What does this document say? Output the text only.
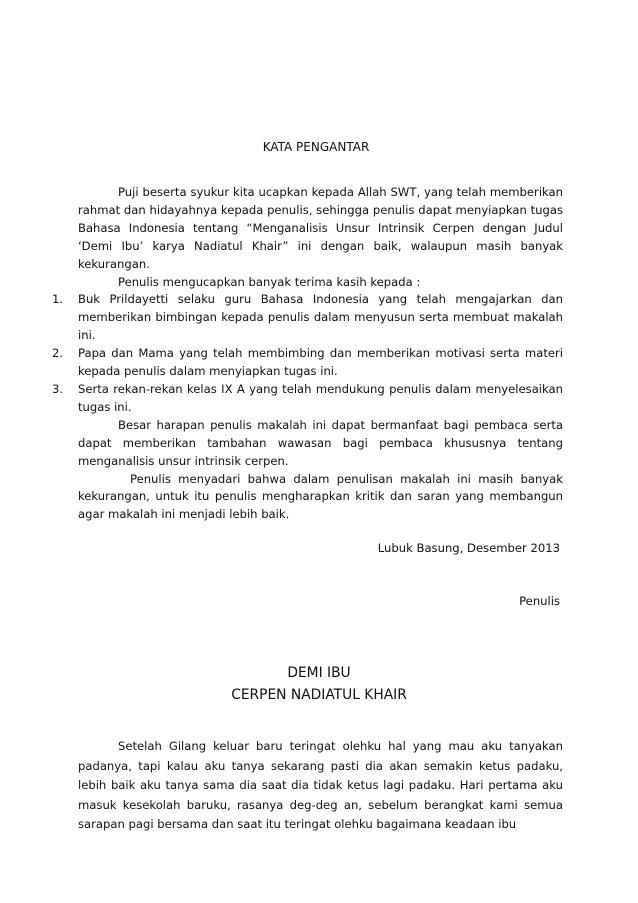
KATA PENGANTAR

Puji beserta syukur kita ucapkan kepada Allah SWT, yang telah memberikan rahmat dan hidayahnya kepada penulis, sehingga penulis dapat menyiapkan tugas Bahasa Indonesia tentang “Menganalisis Unsur Intrinsik Cerpen dengan Judul ‘Demi Ibu’ karya Nadiatul Khair” ini dengan baik, walaupun masih banyak kekurangan.

Penulis mengucapkan banyak terima kasih kepada :

1. Buk Prildayetti selaku guru Bahasa Indonesia yang telah mengajarkan dan memberikan bimbingan kepada penulis dalam menyusun serta membuat makalah ini.
2. Papa dan Mama yang telah membimbing dan memberikan motivasi serta materi kepada penulis dalam menyiapkan tugas ini.
3. Serta rekan-rekan kelas IX A yang telah mendukung penulis dalam menyelesaikan tugas ini.

Besar harapan penulis makalah ini dapat bermanfaat bagi pembaca serta dapat memberikan tambahan wawasan bagi pembaca khususnya tentang menganalisis unsur intrinsik cerpen.

Penulis menyadari bahwa dalam penulisan makalah ini masih banyak kekurangan, untuk itu penulis mengharapkan kritik dan saran yang membangun agar makalah ini menjadi lebih baik.

Lubuk Basung, Desember 2013
Penulis
DEMI IBU
CERPEN NADIATUL KHAIR

Setelah Gilang keluar baru teringat olehku hal yang mau aku tanyakan padanya, tapi kalau aku tanya sekarang pasti dia akan semakin ketus padaku, lebih baik aku tanya sama dia saat dia tidak ketus lagi padaku. Hari pertama aku masuk kesekolah baruku, rasanya deg-deg an, sebelum berangkat kami semua sarapan pagi bersama dan saat itu teringat olehku bagaimana keadaan ibu
